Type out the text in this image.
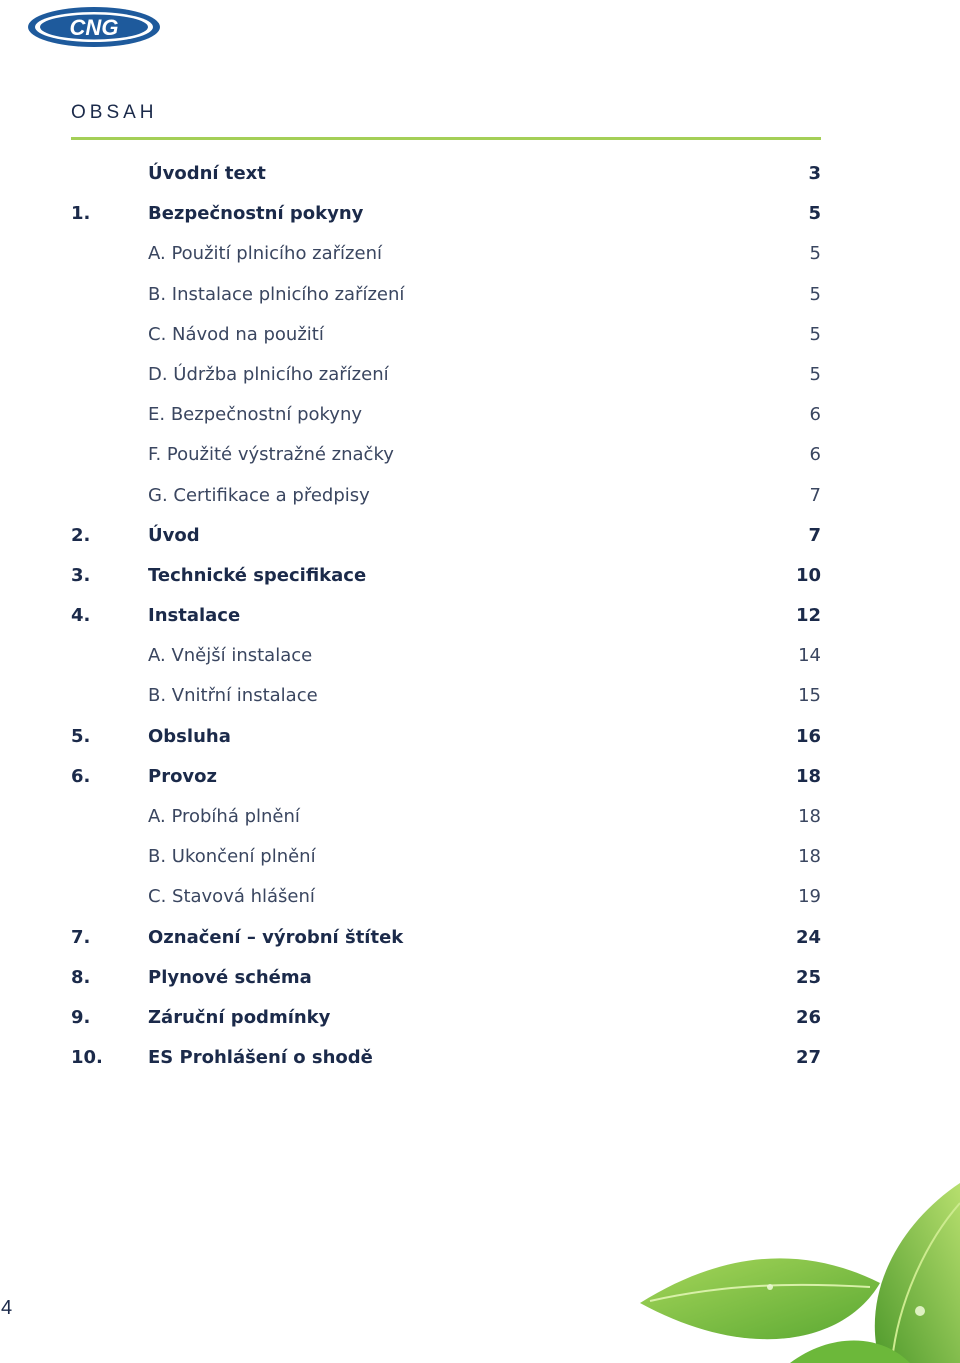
CNG
OBSAH
Úvodní text	3
1.	Bezpečnostní pokyny	5
A. Použití plnicího zařízení	5
B. Instalace plnicího zařízení	5
C. Návod na použití	5
D. Údržba plnicího zařízení	5
E. Bezpečnostní pokyny	6
F. Použité výstražné značky	6
G. Certifikace a předpisy	7
2.	Úvod	7
3.	Technické specifikace	10
4.	Instalace	12
A. Vnější instalace	14
B. Vnitřní instalace	15
5.	Obsluha	16
6.	Provoz	18
A. Probíhá plnění	18
B. Ukončení plnění	18
C. Stavová hlášení	19
7.	Označení – výrobní štítek	24
8.	Plynové schéma	25
9.	Záruční podmínky	26
10.	ES Prohlášení o shodě	27
4
